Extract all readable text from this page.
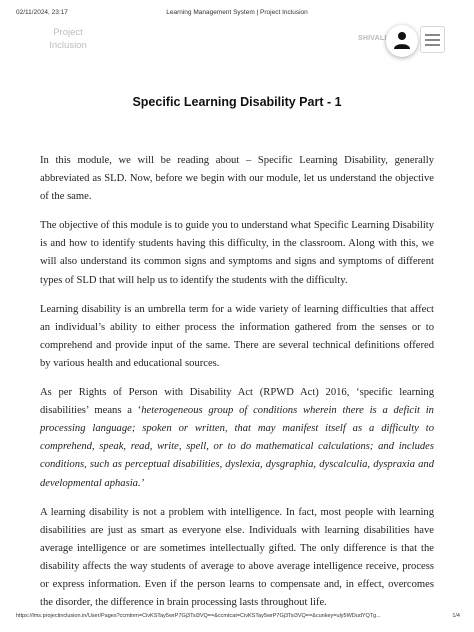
02/11/2024, 23:17	Learning Management System | Project Inclusion
Project
Inclusion
SHIVALI
Specific Learning Disability Part - 1

In this module, we will be reading about – Specific Learning Disability, generally abbreviated as SLD. Now, before we begin with our module, let us understand the objective of the same.

The objective of this module is to guide you to understand what Specific Learning Disability is and how to identify students having this difficulty, in the classroom. Along with this, we will also understand its common signs and symptoms and signs and symptoms of different types of SLD that will help us to identify the students with the difficulty.

Learning disability is an umbrella term for a wide variety of learning difficulties that affect an individual’s ability to either process the information gathered from the senses or to comprehend and provide input of the same. There are several technical definitions offered by various health and educational sources.

As per Rights of Person with Disability Act (RPWD Act) 2016, ‘specific learning disabilities’ means a ‘heterogeneous group of conditions wherein there is a deficit in processing language; spoken or written, that may manifest itself as a difficulty to comprehend, speak, read, write, spell, or to do mathematical calculations; and includes conditions, such as perceptual disabilities, dyslexia, dysgraphia, dyscalculia, dyspraxia and developmental aphasia.’

A learning disability is not a problem with intelligence. In fact, most people with learning disabilities are just as smart as everyone else. Individuals with learning disabilities have average intelligence or are sometimes intellectually gifted. The only difference is that the disability affects the way students of average to above average intelligence receive, process or express information. Even if the person learns to compensate and, in effect, overcomes the disorder, the difference in brain processing lasts throughout life.

https://lms.projectinclusion.in/User/Pages?ccmtnm=CivKSTay5wrP7Gj3Tsi3VQ==&ccmtcat=CivKSTay5wrP7Gj3Tsi3VQ==&cunkey=uly5WDudYQTg...	1/4
